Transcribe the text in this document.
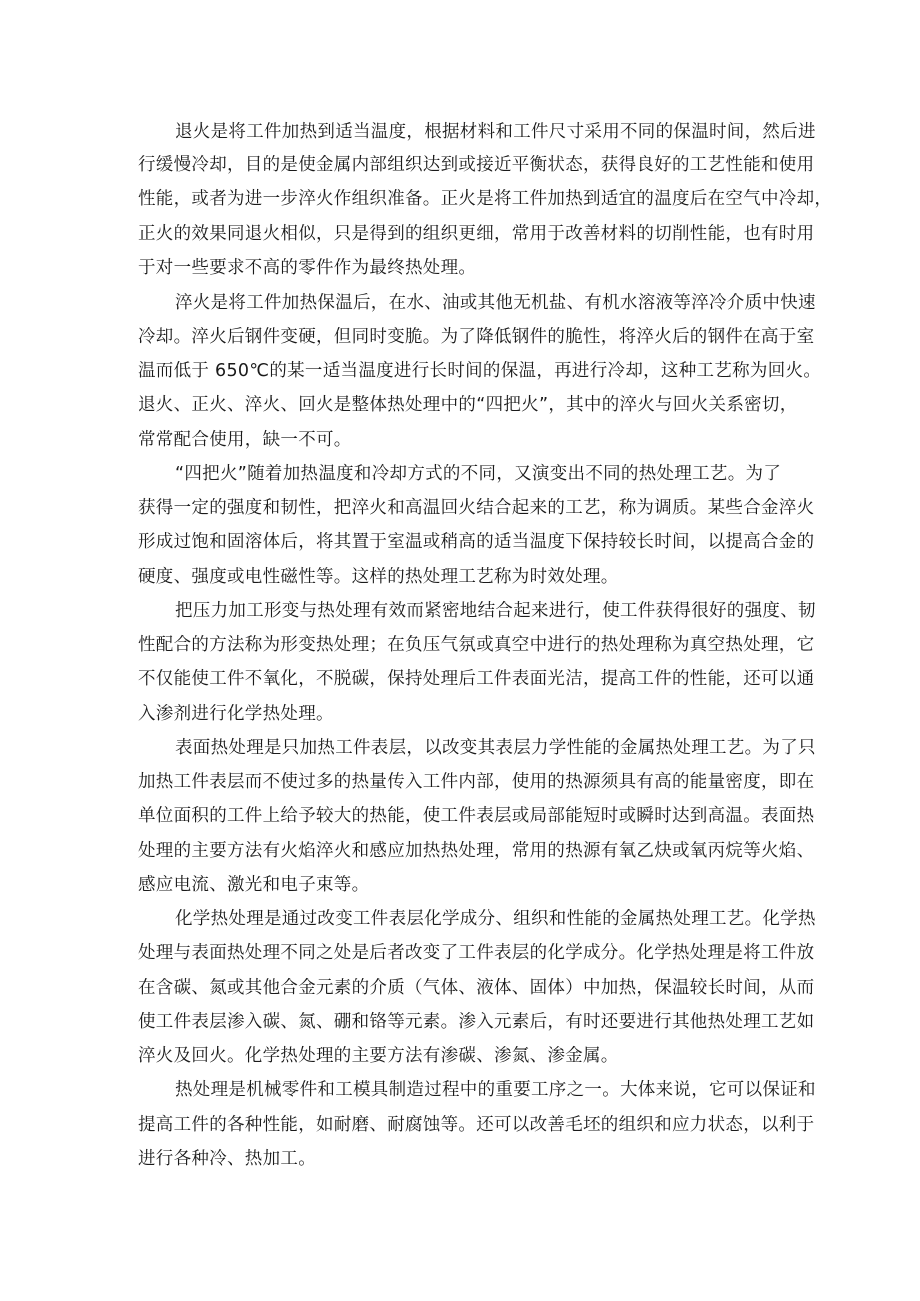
退火是将工件加热到适当温度，根据材料和工件尺寸采用不同的保温时间，然后进
行缓慢冷却，目的是使金属内部组织达到或接近平衡状态，获得良好的工艺性能和使用
性能，或者为进一步淬火作组织准备。正火是将工件加热到适宜的温度后在空气中冷却，
正火的效果同退火相似，只是得到的组织更细，常用于改善材料的切削性能，也有时用
于对一些要求不高的零件作为最终热处理。
淬火是将工件加热保温后，在水、油或其他无机盐、有机水溶液等淬冷介质中快速
冷却。淬火后钢件变硬，但同时变脆。为了降低钢件的脆性，将淬火后的钢件在高于室
温而低于 650℃的某一适当温度进行长时间的保温，再进行冷却，这种工艺称为回火。
退火、正火、淬火、回火是整体热处理中的“四把火”，其中的淬火与回火关系密切，
常常配合使用，缺一不可。
“四把火”随着加热温度和冷却方式的不同，又演变出不同的热处理工艺。为了
获得一定的强度和韧性，把淬火和高温回火结合起来的工艺，称为调质。某些合金淬火
形成过饱和固溶体后，将其置于室温或稍高的适当温度下保持较长时间，以提高合金的
硬度、强度或电性磁性等。这样的热处理工艺称为时效处理。
把压力加工形变与热处理有效而紧密地结合起来进行，使工件获得很好的强度、韧
性配合的方法称为形变热处理；在负压气氛或真空中进行的热处理称为真空热处理，它
不仅能使工件不氧化，不脱碳，保持处理后工件表面光洁，提高工件的性能，还可以通
入渗剂进行化学热处理。
表面热处理是只加热工件表层，以改变其表层力学性能的金属热处理工艺。为了只
加热工件表层而不使过多的热量传入工件内部，使用的热源须具有高的能量密度，即在
单位面积的工件上给予较大的热能，使工件表层或局部能短时或瞬时达到高温。表面热
处理的主要方法有火焰淬火和感应加热热处理，常用的热源有氧乙炔或氧丙烷等火焰、
感应电流、激光和电子束等。
化学热处理是通过改变工件表层化学成分、组织和性能的金属热处理工艺。化学热
处理与表面热处理不同之处是后者改变了工件表层的化学成分。化学热处理是将工件放
在含碳、氮或其他合金元素的介质（气体、液体、固体）中加热，保温较长时间，从而
使工件表层渗入碳、氮、硼和铬等元素。渗入元素后，有时还要进行其他热处理工艺如
淬火及回火。化学热处理的主要方法有渗碳、渗氮、渗金属。
热处理是机械零件和工模具制造过程中的重要工序之一。大体来说，它可以保证和
提高工件的各种性能，如耐磨、耐腐蚀等。还可以改善毛坯的组织和应力状态，以利于
进行各种冷、热加工。
